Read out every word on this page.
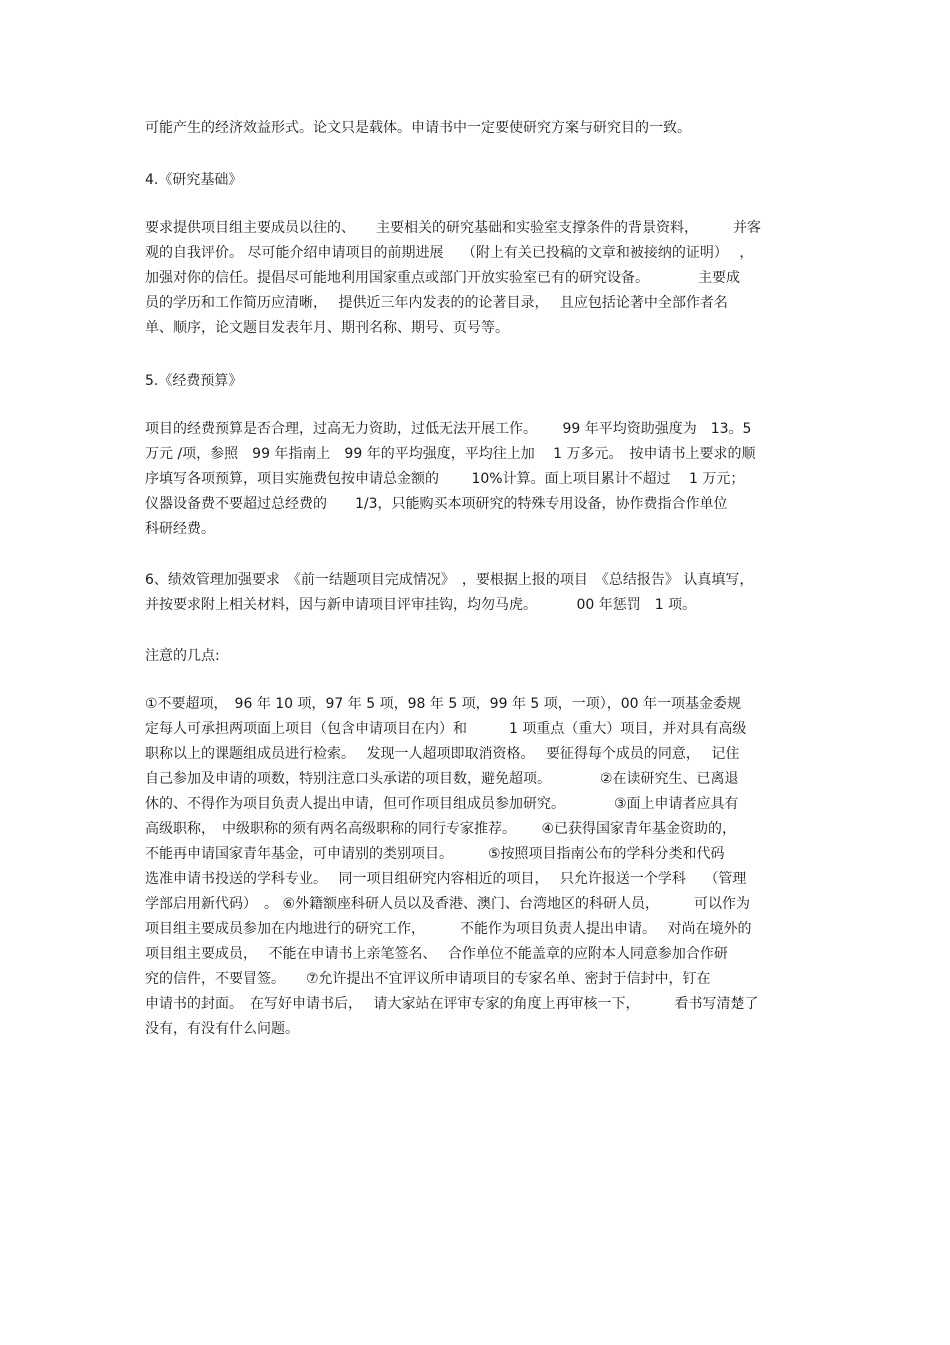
可能产生的经济效益形式。论文只是载体。申请书中一定要使研究方案与研究目的一致。
4.《研究基础》
要求提供项目组主要成员以往的、　　主要相关的研究基础和实验室支撑条件的背景资料，　　　并客
观的自我评价。 尽可能介绍申请项目的前期进展　 （附上有关已投稿的文章和被接纳的证明）　 ，
加强对你的信任。提倡尽可能地利用国家重点或部门开放实验室已有的研究设备。　　　　主要成
员的学历和工作简历应清晰，　 提供近三年内发表的的论著目录，　 且应包括论著中全部作者名
单、顺序，论文题目发表年月、期刊名称、期号、页号等。
5.《经费预算》
项目的经费预算是否合理，过高无力资助，过低无法开展工作。　　 99 年平均资助强度为　13。5
万元 /项，参照　99 年指南上　99 年的平均强度，平均往上加　 1 万多元。　按申请书上要求的顺
序填写各项预算，项目实施费包按申请总金额的　　 10%计算。面上项目累计不超过　 1 万元；
仪器设备费不要超过总经费的　　1/3，只能购买本项研究的特殊专用设备，协作费指合作单位
科研经费。
6、绩效管理加强要求　《前一结题项目完成情况》　，要根据上报的项目　《总结报告》 认真填写，
并按要求附上相关材料，因与新申请项目评审挂钩，均勿马虎。　　　 00 年惩罚　1 项。
注意的几点:
①不要超项，　96 年 10 项，97 年 5 项，98 年 5 项，99 年 5 项，一项），00 年一项基金委规
定每人可承担两项面上项目（包含申请项目在内）和　　　1 项重点（重大）项目，并对具有高级
职称以上的课题组成员进行检索。　 发现一人超项即取消资格。　 要征得每个成员的同意，　 记住
自己参加及申请的项数，特别注意口头承诺的项目数，避免超项。　　　　②在读研究生、已离退
休的、不得作为项目负责人提出申请，但可作项目组成员参加研究。　　　　③面上申请者应具有
高级职称，　中级职称的须有两名高级职称的同行专家推荐。　　 ④已获得国家青年基金资助的，
不能再申请国家青年基金，可申请别的类别项目。　　　⑤按照项目指南公布的学科分类和代码
选准申请书投送的学科专业。　 同一项目组研究内容相近的项目，　 只允许报送一个学科　 （管理
学部启用新代码）　。 ⑥外籍额座科研人员以及香港、澳门、台湾地区的科研人员，　　　可以作为
项目组主要成员参加在内地进行的研究工作，　　　不能作为项目负责人提出申请。　 对尚在境外的
项目组主要成员，　 不能在申请书上亲笔签名、　 合作单位不能盖章的应附本人同意参加合作研
究的信件，不要冒签。　　⑦允许提出不宜评议所申请项目的专家名单、密封于信封中，钉在
申请书的封面。　在写好申请书后，　 请大家站在评审专家的角度上再审核一下，　　　看书写清楚了
没有，有没有什么问题。
